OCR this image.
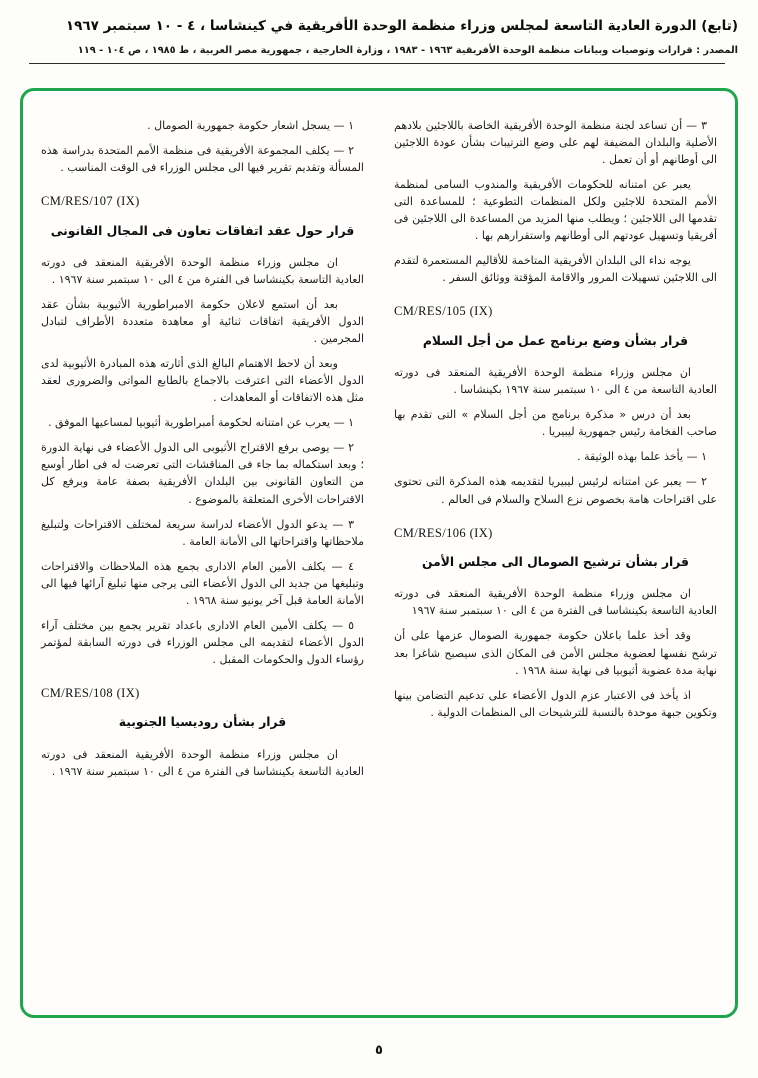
(تابع) الدورة العادية التاسعة لمجلس وزراء منظمة الوحدة الأفريقية في كينشاسا ، ٤ - ١٠ سبتمبر ١٩٦٧
المصدر : قرارات وتوصيات وبيانات منظمة الوحدة الأفريقية ١٩٦٣ - ١٩٨٣ ، وزارة الخارجية ، جمهورية مصر العربية ، ط ١٩٨٥ ، ص ١٠٤ - ١١٩
٣ — أن تساعد لجنة منظمة الوحدة الأفريقية الخاصة باللاجئين بلادهم الأصلية والبلدان المضيفة لهم على وضع الترتيبات بشأن عودة اللاجئين الى أوطانهم أو أن تعمل .
يعبر عن امتنانه للحكومات الأفريقية والمندوب السامى لمنظمة الأمم المتحدة للاجئين ولكل المنظمات التطوعية ؛ للمساعدة التى تقدمها الى اللاجئين ؛ ويطلب منها المزيد من المساعدة الى اللاجئين فى أفريقيا وتسهيل عودتهم الى أوطانهم واستقرارهم بها .
يوجه نداء الى البلدان الأفريقية المتاخمة للأقاليم المستعمرة لتقدم الى اللاجئين تسهيلات المرور والاقامة المؤقتة ووثائق السفر .
CM/RES/105 (IX)
قرار بشأن وضع برنامج عمل من أجل السلام
ان مجلس وزراء منظمة الوحدة الأفريقية المنعقد فى دورته العادية التاسعة من ٤ الى ١٠ سبتمبر سنة ١٩٦٧ بكينشاسا .
بعد أن درس « مذكرة برنامج من أجل السلام » التى تقدم بها صاحب الفخامة رئيس جمهورية ليبيريا .
١ — يأخذ علما بهذه الوثيقة .
٢ — يعبر عن امتنانه لرئيس ليبيريا لتقديمه هذه المذكرة التى تحتوى على اقتراحات هامة بخصوص نزع السلاح والسلام فى العالم .
CM/RES/106 (IX)
قرار بشأن ترشيح الصومال الى مجلس الأمن
ان مجلس وزراء منظمة الوحدة الأفريقية المنعقد فى دورته العادية التاسعة بكينشاسا فى الفترة من ٤ الى ١٠ سبتمبر سنة ١٩٦٧
وقد أخذ علما باعلان حكومة جمهورية الصومال عزمها على أن ترشح نفسها لعضوية مجلس الأمن فى المكان الذى سيصبح شاغرا بعد نهاية مدة عضوية أثيوبيا فى نهاية سنة ١٩٦٨ .
اذ يأخذ فى الاعتبار عزم الدول الأعضاء على تدعيم التضامن بينها وتكوين جبهة موحدة بالنسبة للترشيحات الى المنظمات الدولية .
١ — يسجل اشعار حكومة جمهورية الصومال .
٢ — يكلف المجموعة الأفريقية فى منظمة الأمم المتحدة بدراسة هذه المسألة وتقديم تقرير فيها الى مجلس الوزراء فى الوقت المناسب .
CM/RES/107 (IX)
قرار حول عقد اتفاقات تعاون فى المجال القانونى
ان مجلس وزراء منظمة الوحدة الأفريقية المنعقد فى دورته العادية التاسعة بكينشاسا فى الفترة من ٤ الى ١٠ سبتمبر سنة ١٩٦٧ .
بعد أن استمع لاعلان حكومة الامبراطورية الأثيوبية بشأن عقد الدول الأفريقية اتفاقات ثنائية أو معاهدة متعددة الأطراف لتبادل المجرمين .
وبعد أن لاحظ الاهتمام البالغ الذى أثارته هذه المبادرة الأثيوبية لدى الدول الأعضاء التى اعترفت بالاجماع بالطابع المواتى والضرورى لعقد مثل هذه الاتفاقات أو المعاهدات .
١ — يعرب عن امتنانه لحكومة أمبراطورية أثيوبيا لمساعيها الموفق .
٢ — يوصى برفع الاقتراح الأثيوبى الى الدول الأعضاء فى نهاية الدورة ؛ وبعد استكماله بما جاء فى المناقشات التى تعرضت له فى اطار أوسع من التعاون القانونى بين البلدان الأفريقية بصفة عامة وبرفع كل الاقتراحات الأخرى المتعلقة بالموضوع .
٣ — يدعو الدول الأعضاء لدراسة سريعة لمختلف الاقتراحات ولتبليغ ملاحظاتها واقتراحاتها الى الأمانة العامة .
٤ — يكلف الأمين العام الادارى بجمع هذه الملاحظات والاقتراحات وتبليغها من جديد الى الدول الأعضاء التى يرجى منها تبليغ آرائها فيها الى الأمانة العامة قبل آخر يونيو سنة ١٩٦٨ .
٥ — يكلف الأمين العام الادارى باعداد تقرير يجمع بين مختلف آراء الدول الأعضاء لتقديمه الى مجلس الوزراء فى دورته السابقة لمؤتمر رؤساء الدول والحكومات المقبل .
CM/RES/108 (IX)
قرار بشأن روديسيا الجنوبية
ان مجلس وزراء منظمة الوحدة الأفريقية المنعقد فى دورته العادية التاسعة بكينشاسا فى الفترة من ٤ الى ١٠ سبتمبر سنة ١٩٦٧ .
٥
